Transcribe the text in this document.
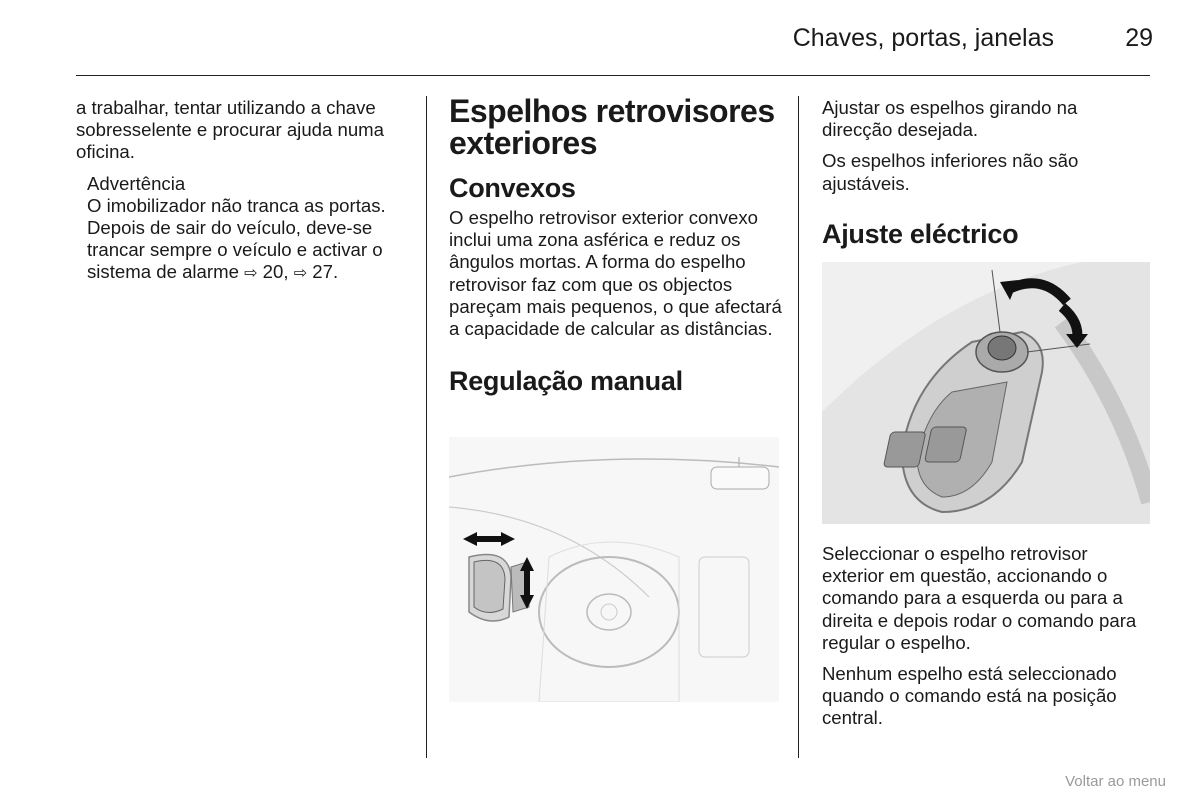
Chaves, portas, janelas	29

a trabalhar, tentar utilizando a chave sobresselente e procurar ajuda numa oficina.

Advertência
O imobilizador não tranca as portas. Depois de sair do veículo, deve-se trancar sempre o veículo e activar o sistema de alarme ⇨ 20, ⇨ 27.
Espelhos retrovisores exteriores
Convexos

O espelho retrovisor exterior convexo inclui uma zona asférica e reduz os ângulos mortas. A forma do espelho retrovisor faz com que os objectos pareçam mais pequenos, o que afectará a capacidade de calcular as distâncias.

Regulação manual

Ajustar os espelhos girando na direcção desejada.

Os espelhos inferiores não são ajustáveis.

Ajuste eléctrico

Seleccionar o espelho retrovisor exterior em questão, accionando o comando para a esquerda ou para a direita e depois rodar o comando para regular o espelho.

Nenhum espelho está seleccionado quando o comando está na posição central.

Voltar ao menu
